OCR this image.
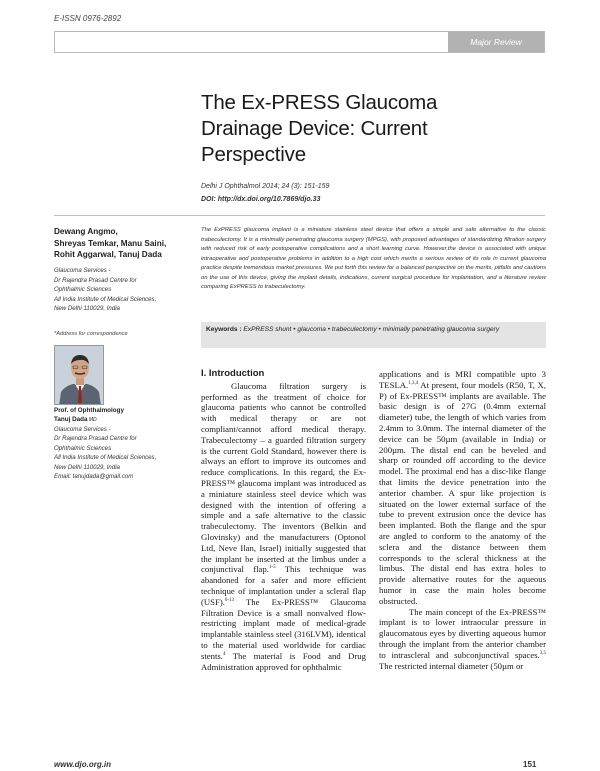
E-ISSN 0976-2892
Major Review
The Ex-PRESS Glaucoma
Drainage Device: Current
Perspective
Delhi J Ophthalmol 2014; 24 (3): 151-159
DOI: http://dx.doi.org/10.7869/djo.33
Dewang Angmo,
Shreyas Temkar, Manu Saini,
Rohit Aggarwal, Tanuj Dada
Glaucoma Services -
Dr Rajendra Prasad Centre for
Ophthalmic Sciences
All India Institute of Medical Sciences,
New Delhi 110029, India
*Address for correspondence
The ExPRESS glaucoma implant is a miniature stainless steel device that offers a simple and safe alternative to the classic trabeculectomy. It is a minimally penetrating glaucoma surgery (MPGS), with proposed advantages of standardizing filtration surgery with reduced risk of early postoperative complications and a short learning curve. However,the device is associated with unique intraoperative and postoperative problems in addition to a high cost which merits a serious review of its role in current glaucoma practice despite tremendous market pressures. We put forth this review for a balanced perspective on the merits, pitfalls and cautions on the use of this device, giving the implant details, indications, current surgical procedure for implantation, and a literature review comparing ExPRESS to trabeculectomy.
Keywords : ExPRESS shunt • glaucoma • trabeculectomy • minimally penetrating glaucoma surgery
Prof. of Ophthalmology
Tanuj Dada MD
Glaucoma Services -
Dr Rajendra Prasad Centre for
Ophthalmic Sciences
All India Institute of Medical Sciences,
New Delhi 110029, India
Email: tanujdada@gmail.com
I. Introduction

Glaucoma filtration surgery is performed as the treatment of choice for glaucoma patients who cannot be controlled with medical therapy or are not compliant/cannot afford medical therapy. Trabeculectomy – a guarded filtration surgery is the current Gold Standard, however there is always an effort to improve its outcomes and reduce complications. In this regard, the Ex-PRESS™ glaucoma implant was introduced as a miniature stainless steel device which was designed with the intention of offering a simple and a safe alternative to the classic trabeculectomy. The inventors (Belkin and Glovinsky) and the manufacturers (Optonol Ltd, Neve Ilan, Israel) initially suggested that the implant be inserted at the limbus under a conjunctival flap.$^{1-5}$ This technique was abandoned for a safer and more efficient technique of implantation under a scleral flap (USF).$^{6-13}$ The Ex-PRESS™ Glaucoma Filtration Device is a small nonvalved flow-restricting implant made of medical-grade implantable stainless steel (316LVM), identical to the material used worldwide for cardiac stents.$^4$ The material is Food and Drug Administration approved for ophthalmic

applications and is MRI compatible upto 3 TESLA.$^{1,3,4}$ At present, four models (R50, T, X, P) of Ex-PRESS™ implants are available. The basic design is of 27G (0.4mm external diameter) tube, the length of which varies from 2.4mm to 3.0mm. The internal diameter of the device can be 50µm (available in India) or 200µm. The distal end can be beveled and sharp or rounded off according to the device model. The proximal end has a disc-like flange that limits the device penetration into the anterior chamber. A spur like projection is situated on the lower external surface of the tube to prevent extrusion once the device has been implanted. Both the flange and the spur are angled to conform to the anatomy of the sclera and the distance between them corresponds to the scleral thickness at the limbus. The distal end has extra holes to provide alternative routes for the aqueous humor in case the main holes become obstructed.

The main concept of the Ex-PRESS™ implant is to lower intraocular pressure in glaucomatous eyes by diverting aqueous humor through the implant from the anterior chamber to intrascleral and subconjunctival spaces.$^{3,5}$ The restricted internal diameter (50µm or

www.djo.org.in	151
